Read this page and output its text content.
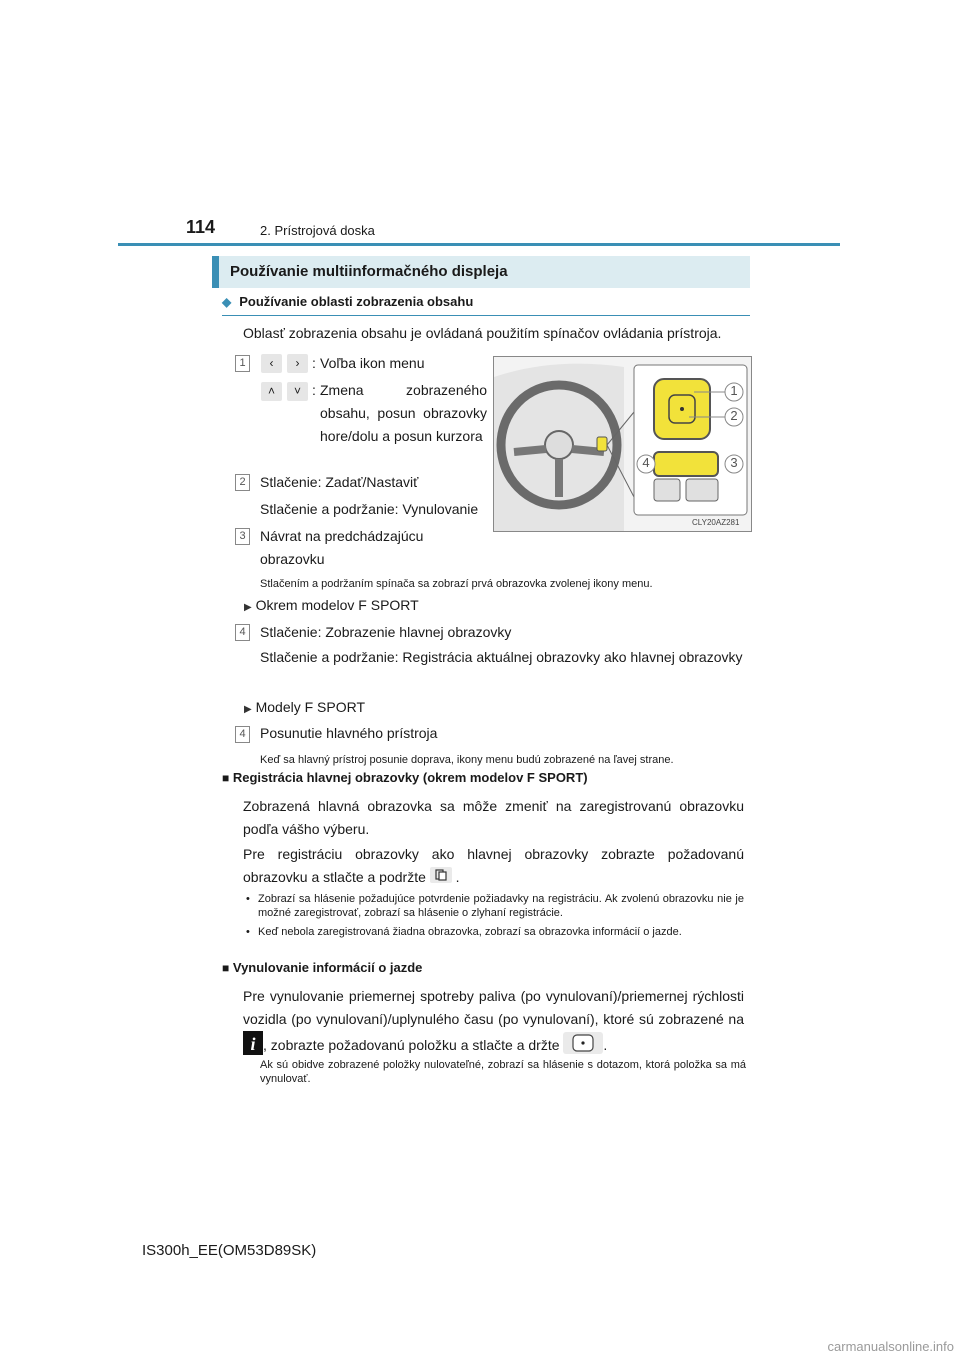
114	2. Prístrojová doska
Používanie multiinformačného displeja
◆ Používanie oblasti zobrazenia obsahu
Oblasť zobrazenia obsahu je ovládaná použitím spínačov ovládania prístroja.
1	‹	› : Voľba ikon menu
˄	˅ : Zmena zobrazeného obsahu, posun obrazovky hore/dolu a posun kurzora
2	Stlačenie: Zadať/Nastaviť
Stlačenie a podržanie: Vynulovanie
3	Návrat na predchádzajúcu obrazovku
1
2
3
4
CLY20AZ281
Stlačením a podržaním spínača sa zobrazí prvá obrazovka zvolenej ikony menu.
▶ Okrem modelov F SPORT
4	Stlačenie: Zobrazenie hlavnej obrazovky
Stlačenie a podržanie: Registrácia aktuálnej obrazovky ako hlavnej obrazovky
▶ Modely F SPORT
4	Posunutie hlavného prístroja
Keď sa hlavný prístroj posunie doprava, ikony menu budú zobrazené na ľavej strane.
■ Registrácia hlavnej obrazovky (okrem modelov F SPORT)
Zobrazená hlavná obrazovka sa môže zmeniť na zaregistrovanú obrazovku podľa vášho výberu.
Pre registráciu obrazovky ako hlavnej obrazovky zobrazte požadovanú obrazovku a stlačte a podržte .
• Zobrazí sa hlásenie požadujúce potvrdenie požiadavky na registráciu. Ak zvolenú obrazovku nie je možné zaregistrovať, zobrazí sa hlásenie o zlyhaní registrácie.
• Keď nebola zaregistrovaná žiadna obrazovka, zobrazí sa obrazovka informácií o jazde.
■ Vynulovanie informácií o jazde
Pre vynulovanie priemernej spotreby paliva (po vynulovaní)/priemernej rýchlosti vozidla (po vynulovaní)/uplynulého času (po vynulovaní), ktoré sú zobrazené na
i , zobrazte požadovanú položku a stlačte a držte	.
Ak sú obidve zobrazené položky nulovateľné, zobrazí sa hlásenie s dotazom, ktorá položka sa má vynulovať.
IS300h_EE(OM53D89SK)
carmanualsonline.info
